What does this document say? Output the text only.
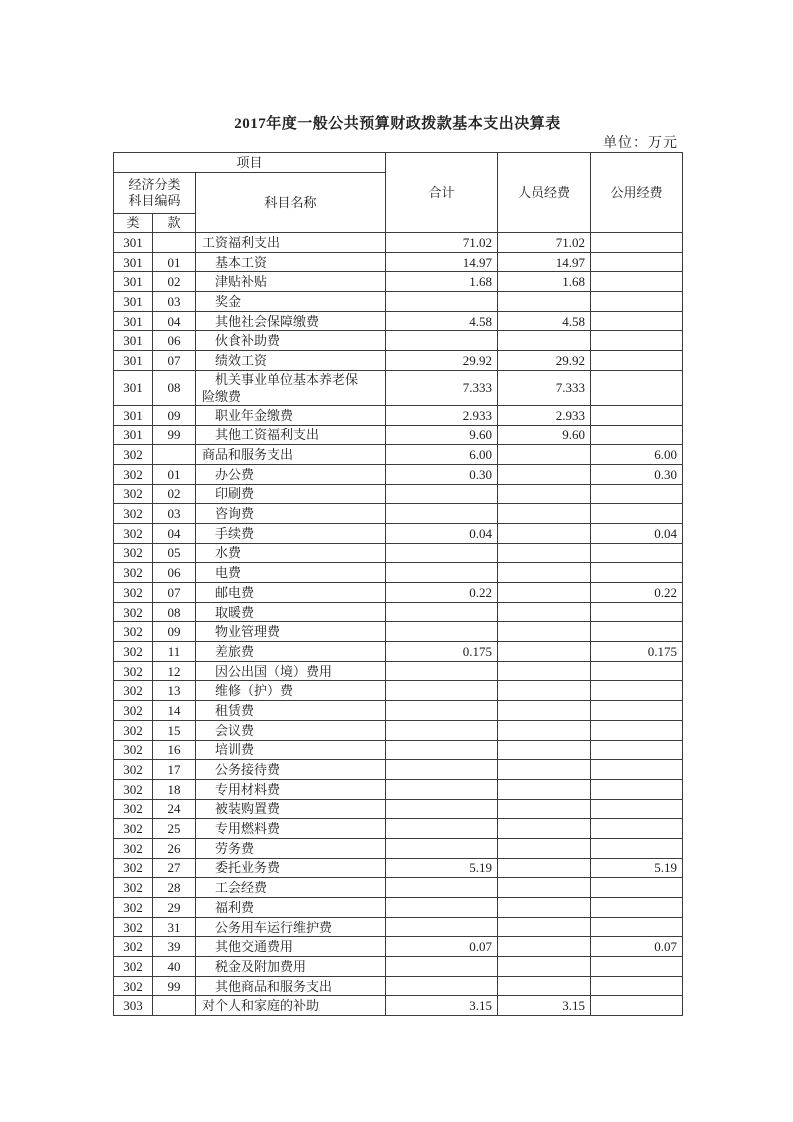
2017年度一般公共预算财政拨款基本支出决算表
单位：万元
项目			合计	人员经费	公用经费
经济分类科目编码		科目名称			
类	款				
301		工资福利支出	71.02	71.02	
301	01	基本工资	14.97	14.97	
301	02	津贴补贴	1.68	1.68	
301	03	奖金			
301	04	其他社会保障缴费	4.58	4.58	
301	06	伙食补助费			
301	07	绩效工资	29.92	29.92	
301	08	机关事业单位基本养老保险缴费	7.333	7.333	
301	09	职业年金缴费	2.933	2.933	
301	99	其他工资福利支出	9.60	9.60	
302		商品和服务支出	6.00		6.00
302	01	办公费	0.30		0.30
302	02	印刷费			
302	03	咨询费			
302	04	手续费	0.04		0.04
302	05	水费			
302	06	电费			
302	07	邮电费	0.22		0.22
302	08	取暖费			
302	09	物业管理费			
302	11	差旅费	0.175		0.175
302	12	因公出国（境）费用			
302	13	维修（护）费			
302	14	租赁费			
302	15	会议费			
302	16	培训费			
302	17	公务接待费			
302	18	专用材料费			
302	24	被装购置费			
302	25	专用燃料费			
302	26	劳务费			
302	27	委托业务费	5.19		5.19
302	28	工会经费			
302	29	福利费			
302	31	公务用车运行维护费			
302	39	其他交通费用	0.07		0.07
302	40	税金及附加费用			
302	99	其他商品和服务支出			
303		对个人和家庭的补助	3.15	3.15	
